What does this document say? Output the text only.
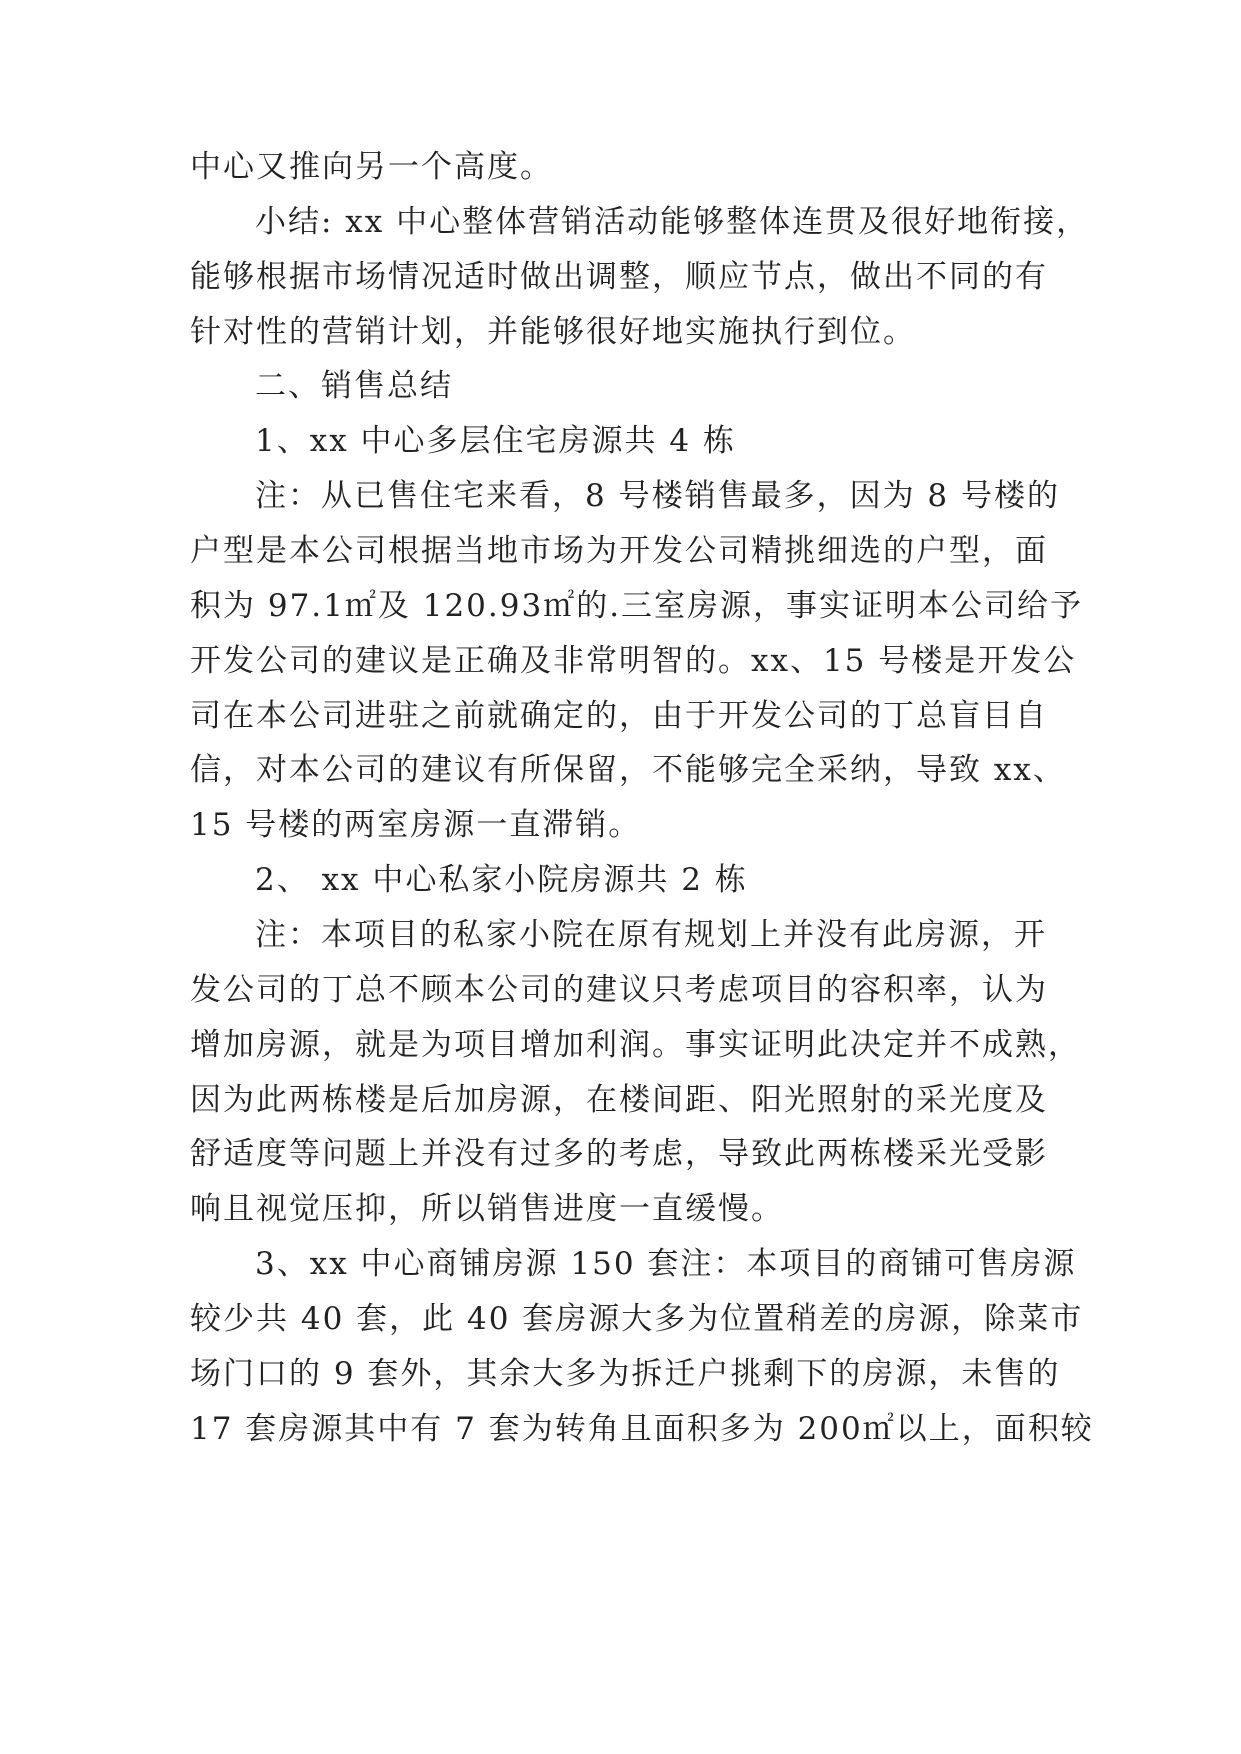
中心又推向另一个高度。
小结: xx 中心整体营销活动能够整体连贯及很好地衔接，
能够根据市场情况适时做出调整，顺应节点，做出不同的有
针对性的营销计划，并能够很好地实施执行到位。
二、销售总结
1、xx 中心多层住宅房源共 4 栋
注：从已售住宅来看，8 号楼销售最多，因为 8 号楼的
户型是本公司根据当地市场为开发公司精挑细选的户型，面
积为 97.1㎡及 120.93㎡的.三室房源，事实证明本公司给予
开发公司的建议是正确及非常明智的。xx、15 号楼是开发公
司在本公司进驻之前就确定的，由于开发公司的丁总盲目自
信，对本公司的建议有所保留，不能够完全采纳，导致 xx、
15 号楼的两室房源一直滞销。
2、 xx 中心私家小院房源共 2 栋
注：本项目的私家小院在原有规划上并没有此房源，开
发公司的丁总不顾本公司的建议只考虑项目的容积率，认为
增加房源，就是为项目增加利润。事实证明此决定并不成熟，
因为此两栋楼是后加房源，在楼间距、阳光照射的采光度及
舒适度等问题上并没有过多的考虑，导致此两栋楼采光受影
响且视觉压抑，所以销售进度一直缓慢。
3、xx 中心商铺房源 150 套注：本项目的商铺可售房源
较少共 40 套，此 40 套房源大多为位置稍差的房源，除菜市
场门口的 9 套外，其余大多为拆迁户挑剩下的房源，未售的
17 套房源其中有 7 套为转角且面积多为 200㎡以上，面积较
